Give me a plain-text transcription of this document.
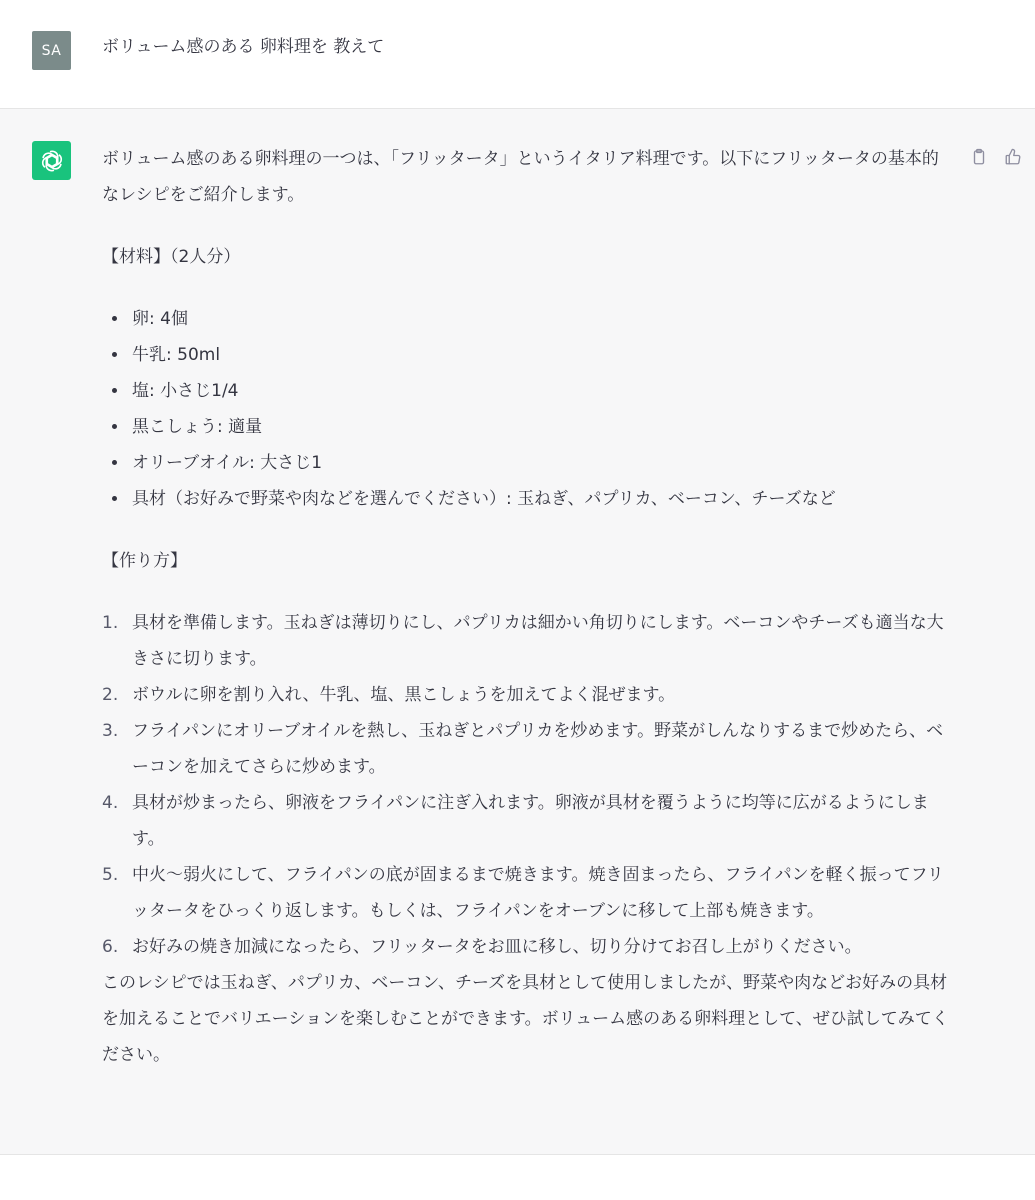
SA ボリューム感のある 卵料理を 教えて

ボリューム感のある卵料理の一つは、「フリッタータ」というイタリア料理です。以下にフリッタータの基本的なレシピをご紹介します。

【材料】（2人分）

卵: 4個
牛乳: 50ml
塩: 小さじ1/4
黒こしょう: 適量
オリーブオイル: 大さじ1
具材（お好みで野菜や肉などを選んでください）: 玉ねぎ、パプリカ、ベーコン、チーズなど

【作り方】

1. 具材を準備します。玉ねぎは薄切りにし、パプリカは細かい角切りにします。ベーコンやチーズも適当な大きさに切ります。
2. ボウルに卵を割り入れ、牛乳、塩、黒こしょうを加えてよく混ぜます。
3. フライパンにオリーブオイルを熱し、玉ねぎとパプリカを炒めます。野菜がしんなりするまで炒めたら、ベーコンを加えてさらに炒めます。
4. 具材が炒まったら、卵液をフライパンに注ぎ入れます。卵液が具材を覆うように均等に広がるようにします。
5. 中火〜弱火にして、フライパンの底が固まるまで焼きます。焼き固まったら、フライパンを軽く振ってフリッタータをひっくり返します。もしくは、フライパンをオーブンに移して上部も焼きます。
6. お好みの焼き加減になったら、フリッタータをお皿に移し、切り分けてお召し上がりください。

このレシピでは玉ねぎ、パプリカ、ベーコン、チーズを具材として使用しましたが、野菜や肉などお好みの具材を加えることでバリエーションを楽しむことができます。ボリューム感のある卵料理として、ぜひ試してみてください。
